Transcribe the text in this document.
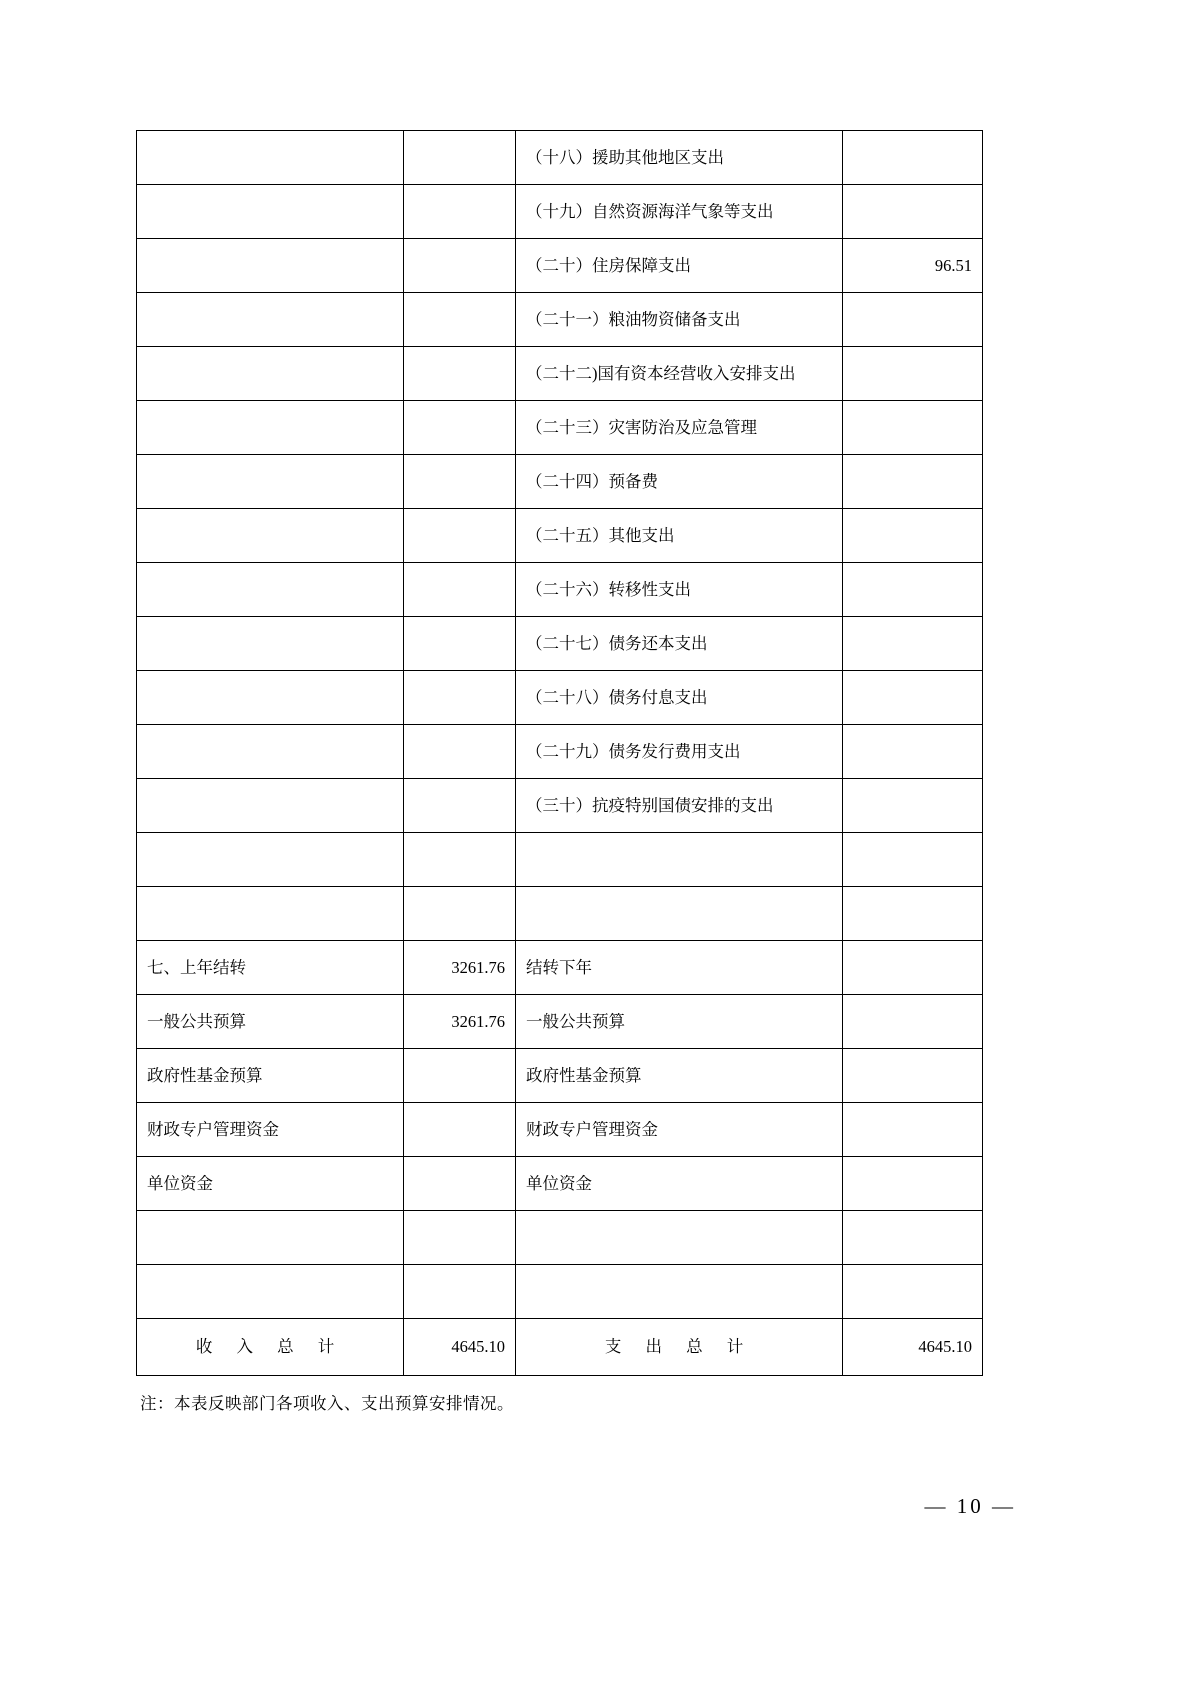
		（十八）援助其他地区支出	
		（十九）自然资源海洋气象等支出	
		（二十）住房保障支出	96.51
		（二十一）粮油物资储备支出	
		（二十二)国有资本经营收入安排支出	
		（二十三）灾害防治及应急管理	
		（二十四）预备费	
		（二十五）其他支出	
		（二十六）转移性支出	
		（二十七）债务还本支出	
		（二十八）债务付息支出	
		（二十九）债务发行费用支出	
		（三十）抗疫特别国债安排的支出	

七、上年结转	3261.76	结转下年	
一般公共预算	3261.76	一般公共预算	
政府性基金预算		政府性基金预算	
财政专户管理资金		财政专户管理资金	
单位资金		单位资金	

收 入 总 计	4645.10	支 出 总 计	4645.10
注：本表反映部门各项收入、支出预算安排情况。
— 10 —
